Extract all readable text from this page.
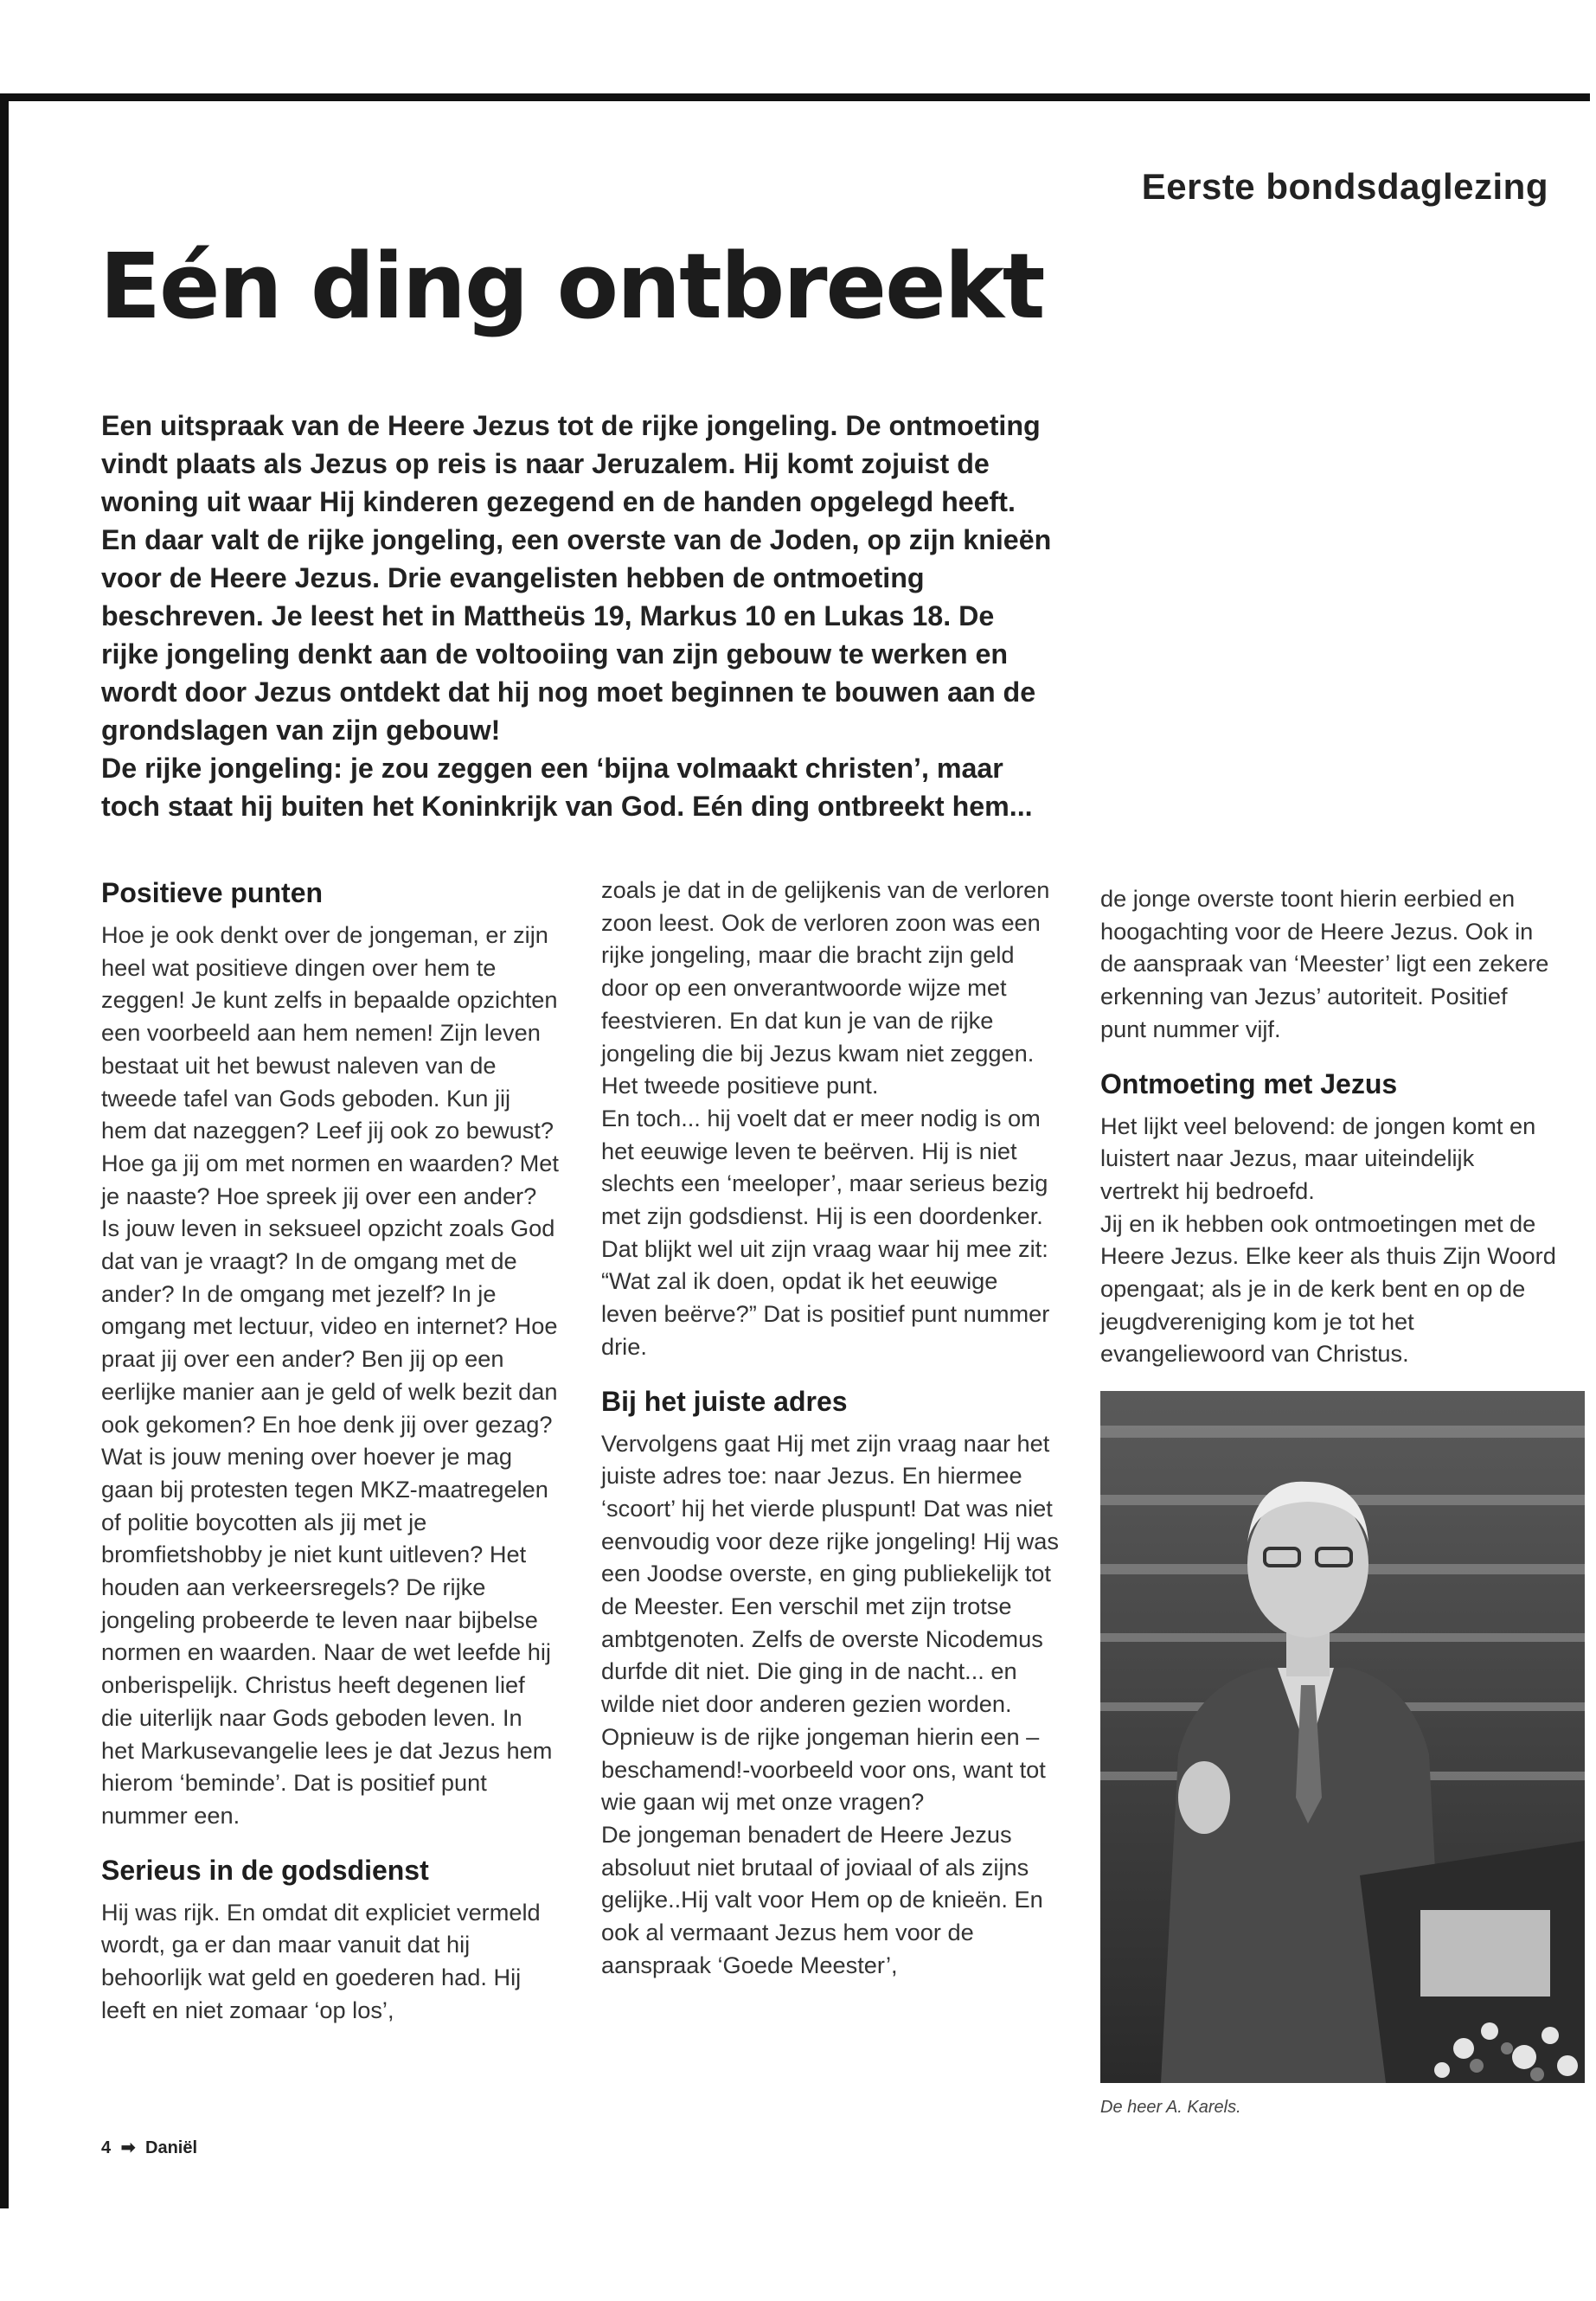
Eerste bondsdaglezing
Eén ding ontbreekt

Een uitspraak van de Heere Jezus tot de rijke jongeling. De ontmoeting vindt plaats als Jezus op reis is naar Jeruzalem. Hij komt zojuist de woning uit waar Hij kinderen gezegend en de handen opgelegd heeft. En daar valt de rijke jongeling, een overste van de Joden, op zijn knieën voor de Heere Jezus. Drie evangelisten hebben de ontmoeting beschreven. Je leest het in Mattheüs 19, Markus 10 en Lukas 18. De rijke jongeling denkt aan de voltooiing van zijn gebouw te werken en wordt door Jezus ontdekt dat hij nog moet beginnen te bouwen aan de grondslagen van zijn gebouw!

De rijke jongeling: je zou zeggen een ‘bijna volmaakt christen’, maar toch staat hij buiten het Koninkrijk van God. Eén ding ontbreekt hem...

Positieve punten

Hoe je ook denkt over de jongeman, er zijn heel wat positieve dingen over hem te zeggen! Je kunt zelfs in bepaalde opzichten een voorbeeld aan hem nemen! Zijn leven bestaat uit het bewust naleven van de tweede tafel van Gods geboden. Kun jij hem dat nazeggen? Leef jij ook zo bewust? Hoe ga jij om met normen en waarden? Met je naaste? Hoe spreek jij over een ander? Is jouw leven in seksueel opzicht zoals God dat van je vraagt? In de omgang met de ander? In de omgang met jezelf? In je omgang met lectuur, video en internet? Hoe praat jij over een ander? Ben jij op een eerlijke manier aan je geld of welk bezit dan ook gekomen? En hoe denk jij over gezag? Wat is jouw mening over hoever je mag gaan bij protesten tegen MKZ-maatregelen of politie boycotten als jij met je bromfietshobby je niet kunt uitleven? Het houden aan verkeersregels? De rijke jongeling probeerde te leven naar bijbelse normen en waarden. Naar de wet leefde hij onberispelijk. Christus heeft degenen lief die uiterlijk naar Gods geboden leven. In het Markusevangelie lees je dat Jezus hem hierom ‘beminde’. Dat is positief punt nummer een.

Serieus in de godsdienst

Hij was rijk. En omdat dit expliciet vermeld wordt, ga er dan maar vanuit dat hij behoorlijk wat geld en goederen had. Hij leeft en niet zomaar ‘op los’,

zoals je dat in de gelijkenis van de verloren zoon leest. Ook de verloren zoon was een rijke jongeling, maar die bracht zijn geld door op een onverantwoorde wijze met feestvieren. En dat kun je van de rijke jongeling die bij Jezus kwam niet zeggen. Het tweede positieve punt.

En toch... hij voelt dat er meer nodig is om het eeuwige leven te beërven. Hij is niet slechts een ‘meeloper’, maar serieus bezig met zijn godsdienst. Hij is een doordenker. Dat blijkt wel uit zijn vraag waar hij mee zit: “Wat zal ik doen, opdat ik het eeuwige leven beërve?” Dat is positief punt nummer drie.

Bij het juiste adres

Vervolgens gaat Hij met zijn vraag naar het juiste adres toe: naar Jezus. En hiermee ‘scoort’ hij het vierde pluspunt! Dat was niet eenvoudig voor deze rijke jongeling! Hij was een Joodse overste, en ging publiekelijk tot de Meester. Een verschil met zijn trotse ambtgenoten. Zelfs de overste Nicodemus durfde dit niet. Die ging in de nacht... en wilde niet door anderen gezien worden. Opnieuw is de rijke jongeman hierin een –beschamend!-voorbeeld voor ons, want tot wie gaan wij met onze vragen?

De jongeman benadert de Heere Jezus absoluut niet brutaal of joviaal of als zijns gelijke..Hij valt voor Hem op de knieën. En ook al vermaant Jezus hem voor de aanspraak ‘Goede Meester’,

de jonge overste toont hierin eerbied en hoogachting voor de Heere Jezus. Ook in de aanspraak van ‘Meester’ ligt een zekere erkenning van Jezus’ autoriteit. Positief punt nummer vijf.

Ontmoeting met Jezus

Het lijkt veel belovend: de jongen komt en luistert naar Jezus, maar uiteindelijk vertrekt hij bedroefd.

Jij en ik hebben ook ontmoetingen met de Heere Jezus. Elke keer als thuis Zijn Woord opengaat; als je in de kerk bent en op de jeugdvereniging kom je tot het evangeliewoord van Christus.

De heer A. Karels.
4 ➡ Daniël
